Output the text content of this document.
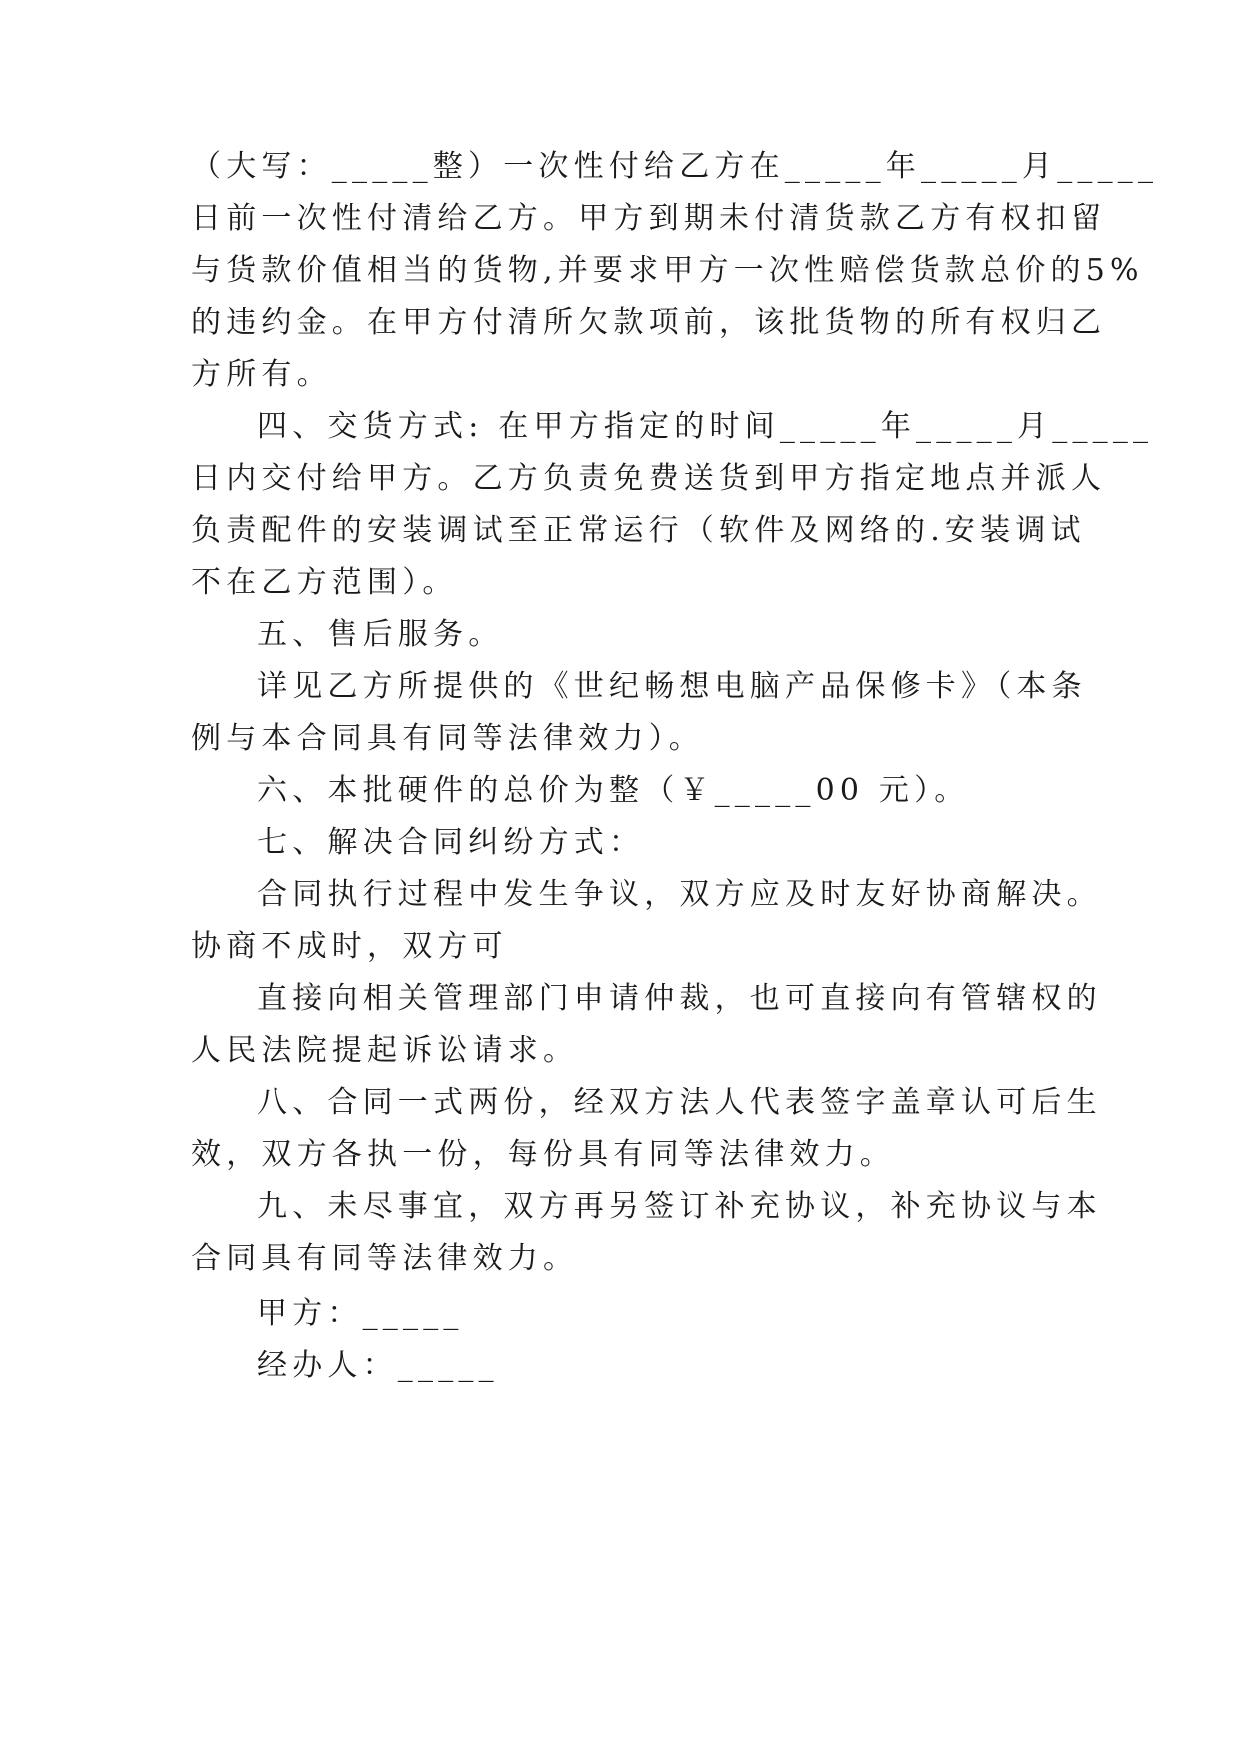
（大写：_____整）一次性付给乙方在_____年_____月_____
日前一次性付清给乙方。甲方到期未付清货款乙方有权扣留
与货款价值相当的货物,并要求甲方一次性赔偿货款总价的5%
的违约金。在甲方付清所欠款项前，该批货物的所有权归乙
方所有。
四、交货方式: 在甲方指定的时间_____年_____月_____
日内交付给甲方。乙方负责免费送货到甲方指定地点并派人
负责配件的安装调试至正常运行（软件及网络的.安装调试
不在乙方范围）。
五、售后服务。
详见乙方所提供的《世纪畅想电脑产品保修卡》（本条
例与本合同具有同等法律效力）。
六、本批硬件的总价为整（￥_____00 元）。
七、解决合同纠纷方式：
合同执行过程中发生争议，双方应及时友好协商解决。
协商不成时，双方可
直接向相关管理部门申请仲裁，也可直接向有管辖权的
人民法院提起诉讼请求。
八、合同一式两份，经双方法人代表签字盖章认可后生
效，双方各执一份，每份具有同等法律效力。
九、未尽事宜，双方再另签订补充协议，补充协议与本
合同具有同等法律效力。
甲方：_____
经办人：_____
